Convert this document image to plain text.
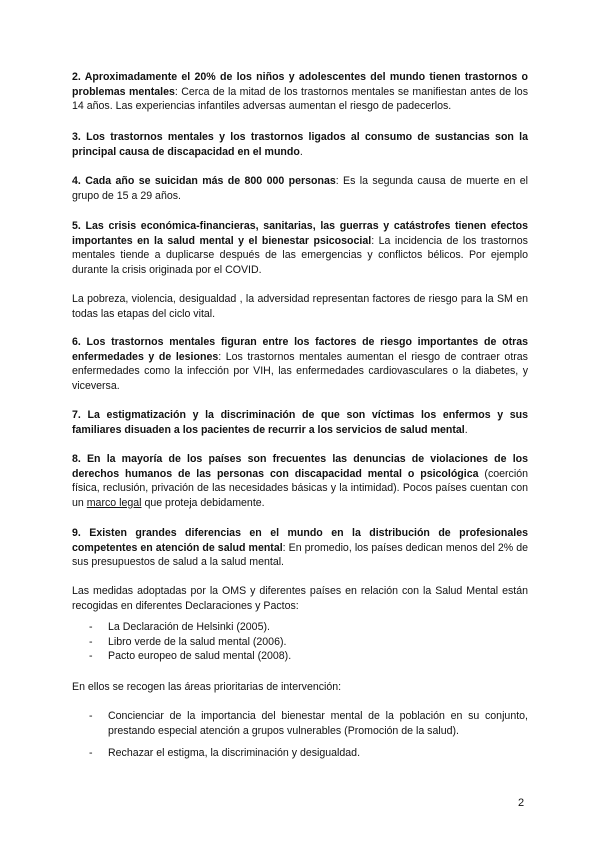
2. Aproximadamente el 20% de los niños y adolescentes del mundo tienen trastornos o problemas mentales: Cerca de la mitad de los trastornos mentales se manifiestan antes de los 14 años. Las experiencias infantiles adversas aumentan el riesgo de padecerlos.

3. Los trastornos mentales y los trastornos ligados al consumo de sustancias son la principal causa de discapacidad en el mundo.

4. Cada año se suicidan más de 800 000 personas: Es la segunda causa de muerte en el grupo de 15 a 29 años.

5. Las crisis económica-financieras, sanitarias, las guerras y catástrofes tienen efectos importantes en la salud mental y el bienestar psicosocial: La incidencia de los trastornos mentales tiende a duplicarse después de las emergencias y conflictos bélicos. Por ejemplo durante la crisis originada por el COVID.

La pobreza, violencia, desigualdad , la adversidad representan factores de riesgo para la SM en todas las etapas del ciclo vital.

6. Los trastornos mentales figuran entre los factores de riesgo importantes de otras enfermedades y de lesiones: Los trastornos mentales aumentan el riesgo de contraer otras enfermedades como la infección por VIH, las enfermedades cardiovasculares o la diabetes, y viceversa.

7. La estigmatización y la discriminación de que son víctimas los enfermos y sus familiares disuaden a los pacientes de recurrir a los servicios de salud mental.

8. En la mayoría de los países son frecuentes las denuncias de violaciones de los derechos humanos de las personas con discapacidad mental o psicológica (coerción física, reclusión, privación de las necesidades básicas y la intimidad). Pocos países cuentan con un marco legal que proteja debidamente.

9. Existen grandes diferencias en el mundo en la distribución de profesionales competentes en atención de salud mental: En promedio, los países dedican menos del 2% de sus presupuestos de salud a la salud mental.

Las medidas adoptadas por la OMS y diferentes países en relación con la Salud Mental están recogidas en diferentes Declaraciones y Pactos:

- La Declaración de Helsinki (2005).
- Libro verde de la salud mental (2006).
- Pacto europeo de salud mental (2008).

En ellos se recogen las áreas prioritarias de intervención:

- Concienciar de la importancia del bienestar mental de la población en su conjunto, prestando especial atención a grupos vulnerables (Promoción de la salud).
- Rechazar el estigma, la discriminación y desigualdad.
2
